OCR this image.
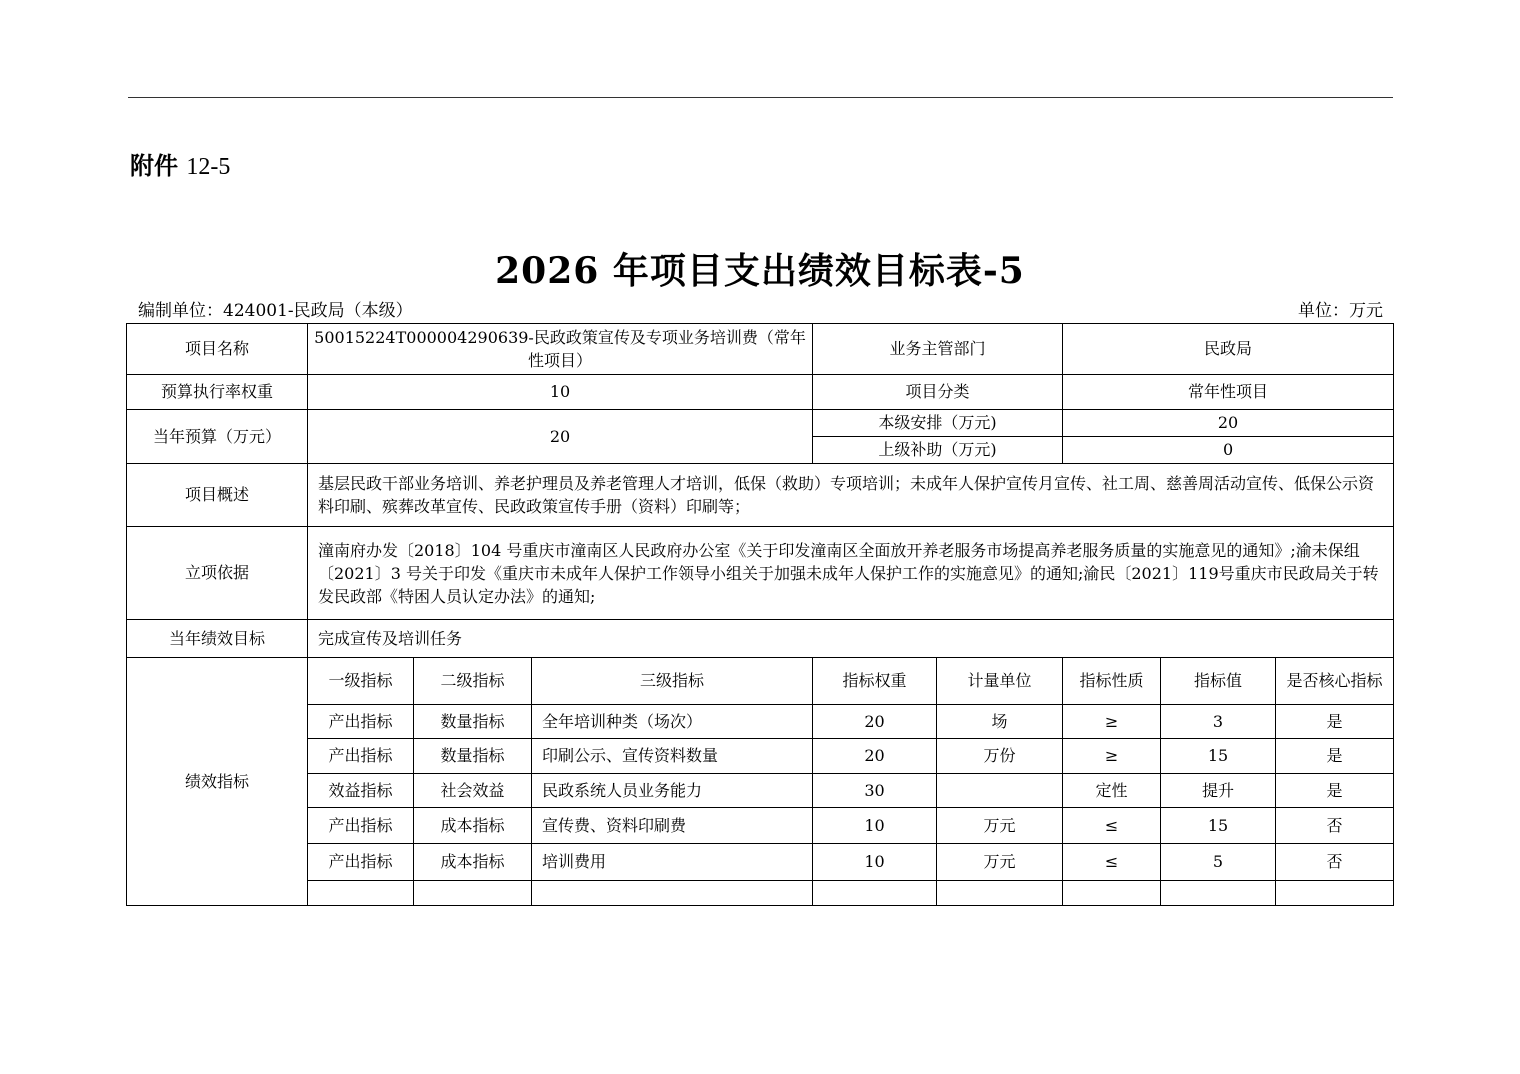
附件 12-5
2026 年项目支出绩效目标表-5
编制单位：424001-民政局（本级）	单位：万元
项目名称	50015224T000004290639-民政政策宣传及专项业务培训费（常年性项目）			业务主管部门		民政局		
预算执行率权重	10			项目分类		常年性项目		
当年预算（万元）	20			本级安排（万元)		20		
				上级补助（万元)		0		
项目概述	基层民政干部业务培训、养老护理员及养老管理人才培训，低保（救助）专项培训；未成年人保护宣传月宣传、社工周、慈善周活动宣传、低保公示资料印刷、殡葬改革宣传、民政政策宣传手册（资料）印刷等；							
立项依据	潼南府办发〔2018〕104 号重庆市潼南区人民政府办公室《关于印发潼南区全面放开养老服务市场提高养老服务质量的实施意见的通知》;渝未保组〔2021〕3 号关于印发《重庆市未成年人保护工作领导小组关于加强未成年人保护工作的实施意见》的通知;渝民〔2021〕119号重庆市民政局关于转发民政部《特困人员认定办法》的通知;							
当年绩效目标	完成宣传及培训任务							
绩效指标	一级指标	二级指标	三级指标	指标权重	计量单位	指标性质	指标值	是否核心指标
	产出指标	数量指标	全年培训种类（场次）	20	场	≥	3	是
	产出指标	数量指标	印刷公示、宣传资料数量	20	万份	≥	15	是
	效益指标	社会效益	民政系统人员业务能力	30		定性	提升	是
	产出指标	成本指标	宣传费、资料印刷费	10	万元	≤	15	否
	产出指标	成本指标	培训费用	10	万元	≤	5	否
